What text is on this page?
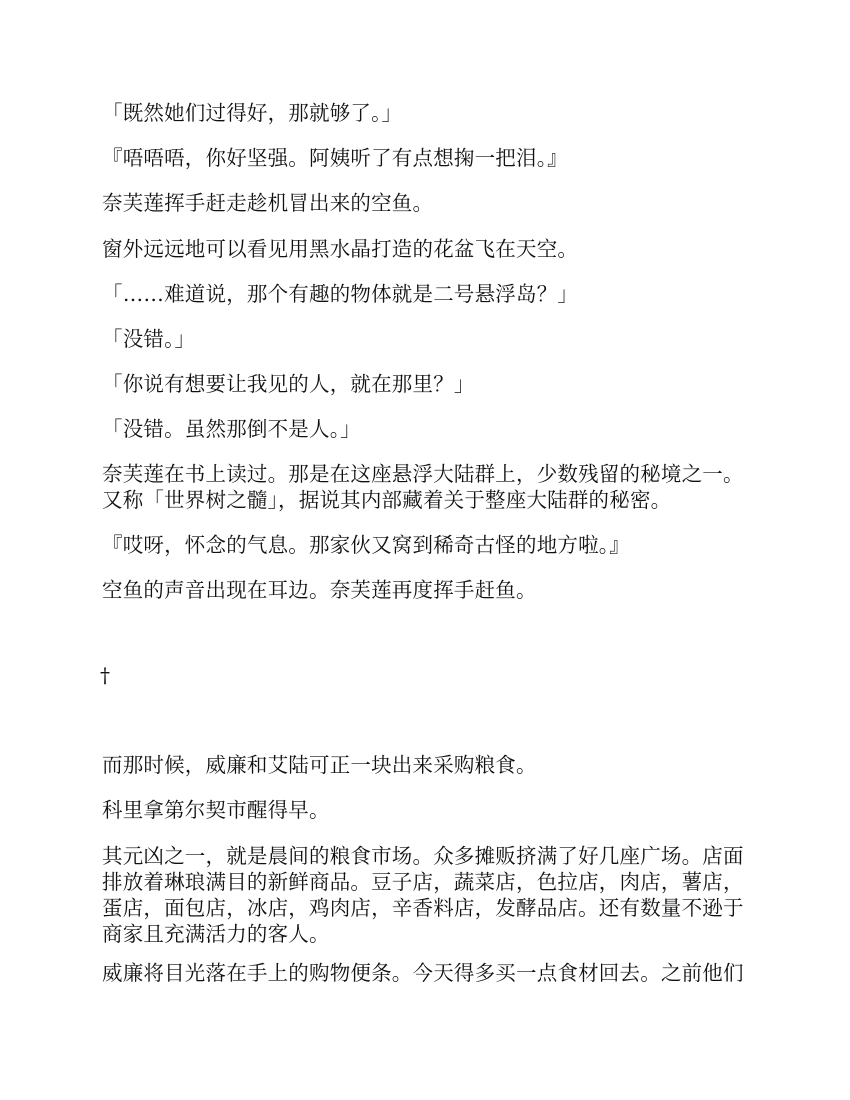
「既然她们过得好，那就够了。」

『唔唔唔，你好坚强。阿姨听了有点想掬一把泪。』

奈芙莲挥手赶走趁机冒出来的空鱼。

窗外远远地可以看见用黑水晶打造的花盆飞在天空。

「……难道说，那个有趣的物体就是二号悬浮岛？」

「没错。」

「你说有想要让我见的人，就在那里？」

「没错。虽然那倒不是人。」

奈芙莲在书上读过。那是在这座悬浮大陆群上，少数残留的秘境之一。又称「世界树之髓」，据说其内部藏着关于整座大陆群的秘密。

『哎呀，怀念的气息。那家伙又窝到稀奇古怪的地方啦。』

空鱼的声音出现在耳边。奈芙莲再度挥手赶鱼。

†

而那时候，威廉和艾陆可正一块出来采购粮食。

科里拿第尔契市醒得早。

其元凶之一，就是晨间的粮食市场。众多摊贩挤满了好几座广场。店面排放着琳琅满目的新鲜商品。豆子店，蔬菜店，色拉店，肉店，薯店，蛋店，面包店，冰店，鸡肉店，辛香料店，发酵品店。还有数量不逊于商家且充满活力的客人。

威廉将目光落在手上的购物便条。今天得多买一点食材回去。之前他们
